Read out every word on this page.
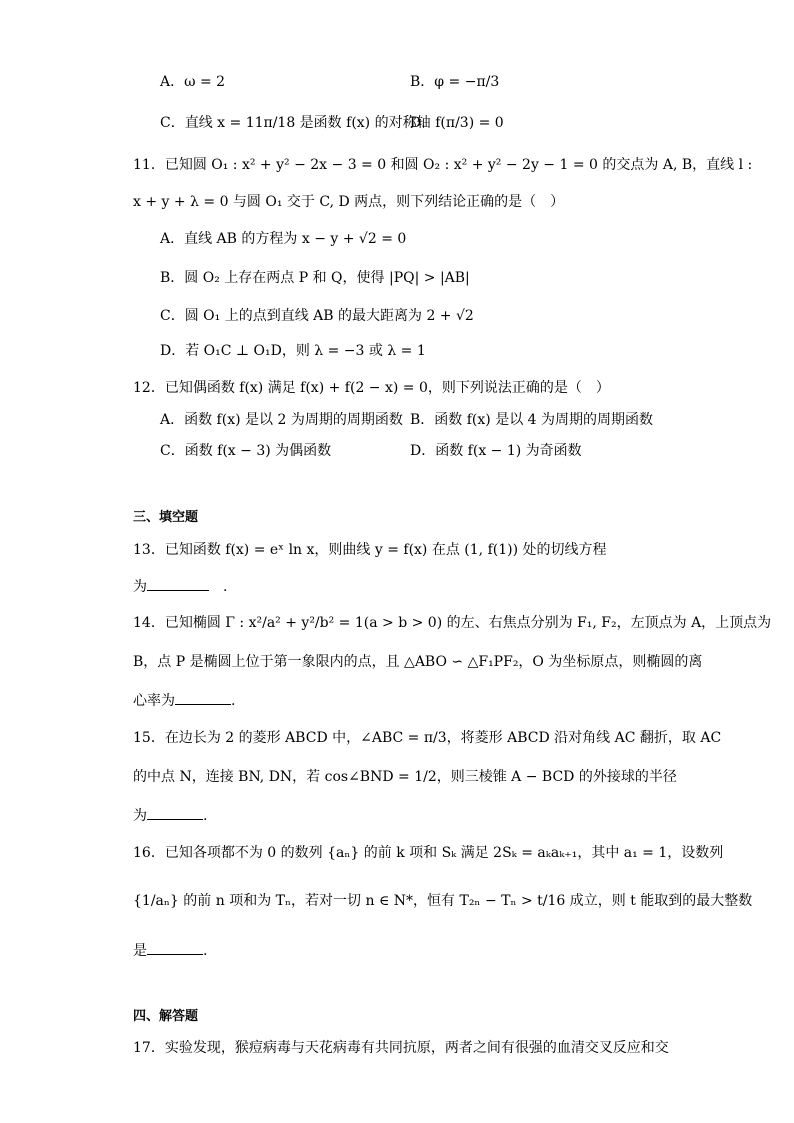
A．ω = 2	B．φ = −π/3
C．直线 x = 11π/18 是函数 f(x) 的对称轴
D．f(π/3) = 0
11．已知圆 O₁ : x² + y² − 2x − 3 = 0 和圆 O₂ : x² + y² − 2y − 1 = 0 的交点为 A, B，直线 l :
x + y + λ = 0 与圆 O₁ 交于 C, D 两点，则下列结论正确的是（　）
A．直线 AB 的方程为 x − y + √2 = 0
B．圆 O₂ 上存在两点 P 和 Q，使得 |PQ| > |AB|
C．圆 O₁ 上的点到直线 AB 的最大距离为 2 + √2
D．若 O₁C ⊥ O₁D，则 λ = −3 或 λ = 1
12．已知偶函数 f(x) 满足 f(x) + f(2 − x) = 0，则下列说法正确的是（　）
A．函数 f(x) 是以 2 为周期的周期函数 B．函数 f(x) 是以 4 为周期的周期函数
C．函数 f(x − 3) 为偶函数	D．函数 f(x − 1) 为奇函数
三、填空题
13．已知函数 f(x) = eˣ ln x，则曲线 y = f(x) 在点 (1, f(1)) 处的切线方程
为　	.
14．已知椭圆 Γ : x²/a² + y²/b² = 1(a > b > 0) 的左、右焦点分别为 F₁, F₂，左顶点为 A，上顶点为
B，点 P 是椭圆上位于第一象限内的点，且 △ABO ∽ △F₁PF₂，O 为坐标原点，则椭圆的离
心率为	.
15．在边长为 2 的菱形 ABCD 中，∠ABC = π/3，将菱形 ABCD 沿对角线 AC 翻折，取 AC
的中点 N，连接 BN, DN，若 cos∠BND = 1/2，则三棱锥 A − BCD 的外接球的半径
为	.
16．已知各项都不为 0 的数列 {aₙ} 的前 k 项和 Sₖ 满足 2Sₖ = aₖaₖ₊₁，其中 a₁ = 1，设数列
{1/aₙ} 的前 n 项和为 Tₙ，若对一切 n ∈ N*，恒有 T₂ₙ − Tₙ > t/16 成立，则 t 能取到的最大整数
是	.
四、解答题
17．实验发现，猴痘病毒与天花病毒有共同抗原，两者之间有很强的血清交叉反应和交
